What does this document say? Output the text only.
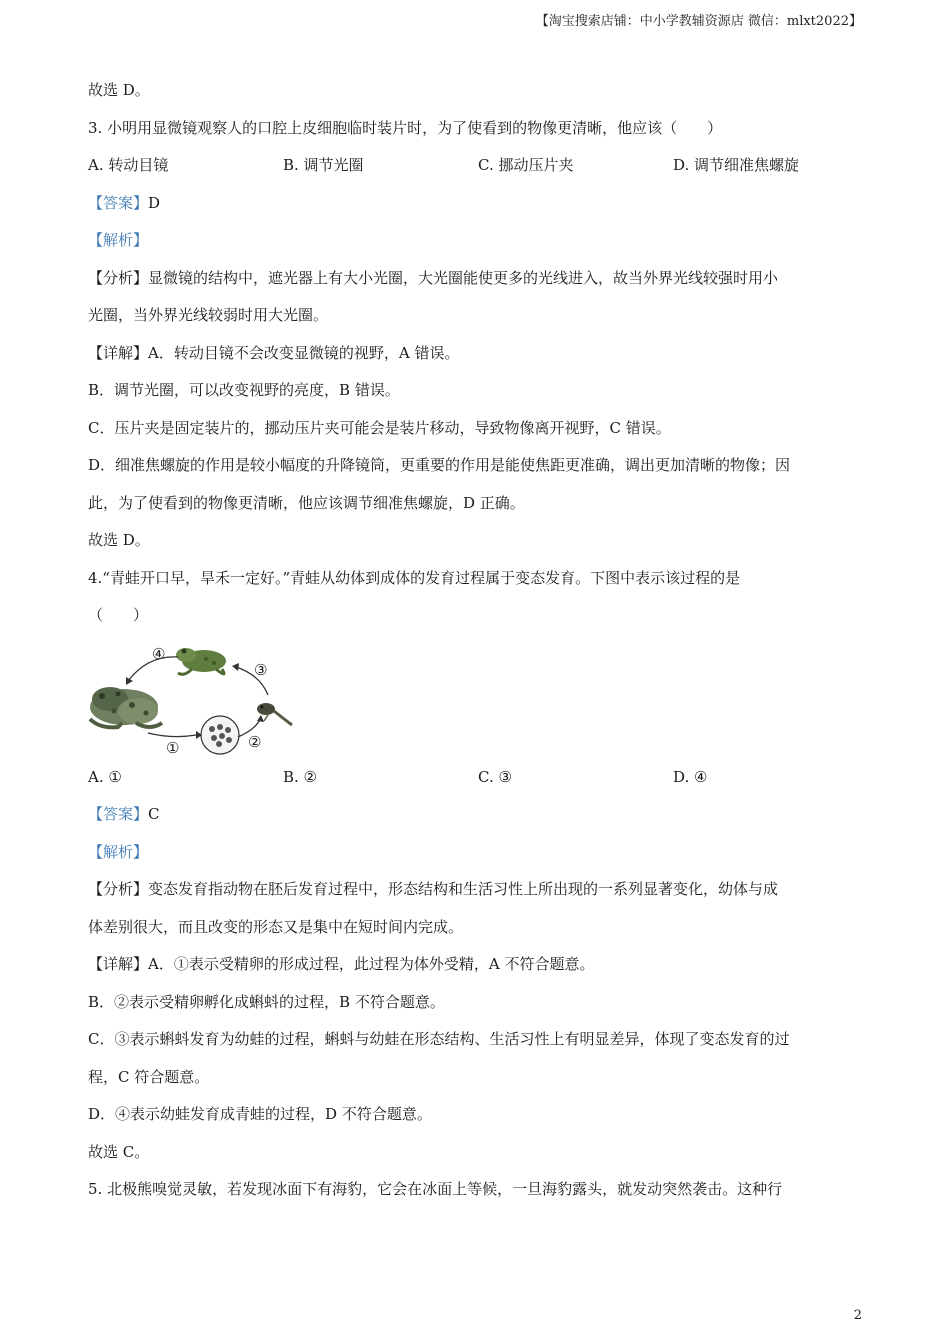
【淘宝搜索店铺：中小学教辅资源店 微信：mlxt2022】
故选 D。
3. 小明用显微镜观察人的口腔上皮细胞临时装片时，为了使看到的物像更清晰，他应该（　　）
A. 转动目镜	B. 调节光圈	C. 挪动压片夹	D. 调节细准焦螺旋
【答案】D
【解析】
【分析】显微镜的结构中，遮光器上有大小光圈，大光圈能使更多的光线进入，故当外界光线较强时用小
光圈，当外界光线较弱时用大光圈。
【详解】A．转动目镜不会改变显微镜的视野，A 错误。
B．调节光圈，可以改变视野的亮度，B 错误。
C．压片夹是固定装片的，挪动压片夹可能会是装片移动，导致物像离开视野，C 错误。
D．细准焦螺旋的作用是较小幅度的升降镜筒，更重要的作用是能使焦距更准确，调出更加清晰的物像；因
此，为了使看到的物像更清晰，他应该调节细准焦螺旋，D 正确。
故选 D。
4.“青蛙开口早，旱禾一定好。”青蛙从幼体到成体的发育过程属于变态发育。下图中表示该过程的是
（　　）
①	②
③
④
A. ①	B. ②	C. ③	D. ④
【答案】C
【解析】
【分析】变态发育指动物在胚后发育过程中，形态结构和生活习性上所出现的一系列显著变化，幼体与成
体差别很大，而且改变的形态又是集中在短时间内完成。
【详解】A．①表示受精卵的形成过程，此过程为体外受精，A 不符合题意。
B．②表示受精卵孵化成蝌蚪的过程，B 不符合题意。
C．③表示蝌蚪发育为幼蛙的过程，蝌蚪与幼蛙在形态结构、生活习性上有明显差异，体现了变态发育的过
程，C 符合题意。
D．④表示幼蛙发育成青蛙的过程，D 不符合题意。
故选 C。
5. 北极熊嗅觉灵敏，若发现冰面下有海豹，它会在冰面上等候，一旦海豹露头，就发动突然袭击。这种行
2
